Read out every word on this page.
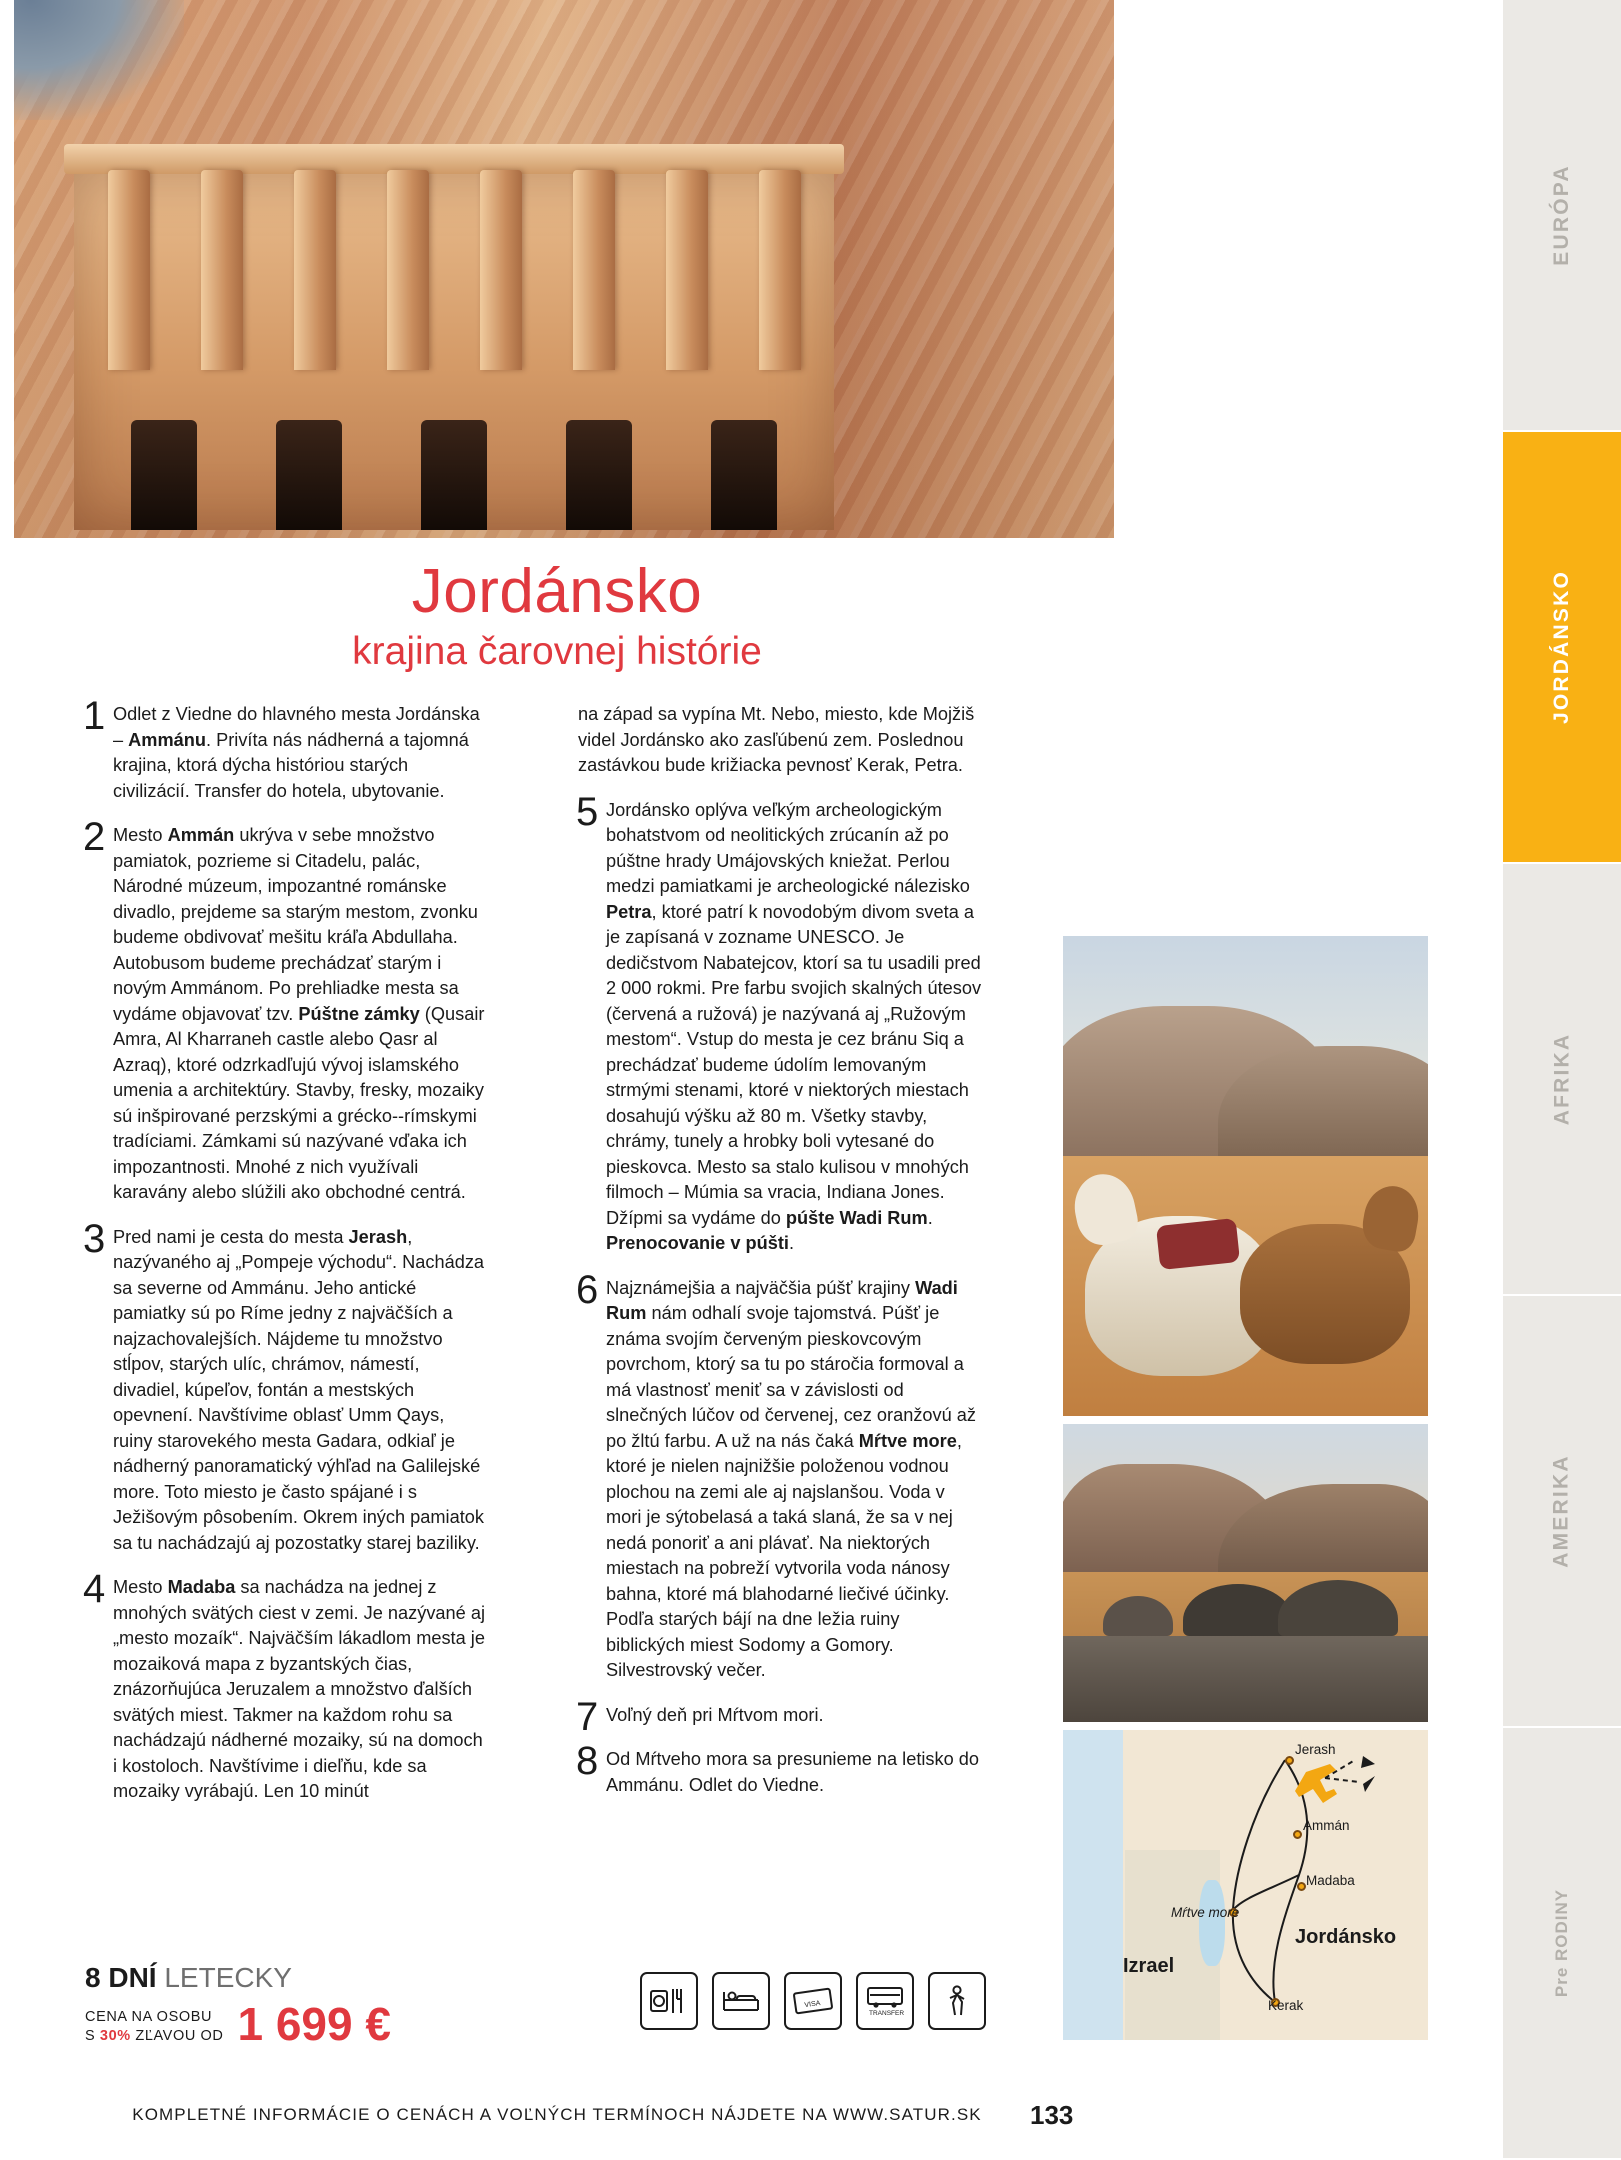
Jordánsko
krajina čarovnej histórie
1 Odlet z Viedne do hlavného mesta Jordánska – Ammánu. Privíta nás nádherná a tajomná krajina, ktorá dýcha históriou starých civilizácií. Transfer do hotela, ubytovanie.
2 Mesto Ammán ukrýva v sebe množstvo pamiatok, pozrieme si Citadelu, palác, Národné múzeum, impozantné románske divadlo, prejdeme sa starým mestom, zvonku budeme obdivovať mešitu kráľa Abdullaha. Autobusom budeme prechádzať starým i novým Ammánom. Po prehliadke mesta sa vydáme objavovať tzv. Púštne zámky (Qusair Amra, Al Kharraneh castle alebo Qasr al Azraq), ktoré odzrkadľujú vývoj islamského umenia a architektúry. Stavby, fresky, mozaiky sú inšpirované perzskými a grécko--rímskymi tradíciami. Zámkami sú nazývané vďaka ich impozantnosti. Mnohé z nich využívali karavány alebo slúžili ako obchodné centrá.
3 Pred nami je cesta do mesta Jerash, nazývaného aj „Pompeje východu“. Nachádza sa severne od Ammánu. Jeho antické pamiatky sú po Ríme jedny z najväčších a najzachovalejších. Nájdeme tu množstvo stĺpov, starých ulíc, chrámov, námestí, divadiel, kúpeľov, fontán a mestských opevnení. Navštívime oblasť Umm Qays, ruiny starovekého mesta Gadara, odkiaľ je nádherný panoramatický výhľad na Galilejské more. Toto miesto je často spájané i s Ježišovým pôsobením. Okrem iných pamiatok sa tu nachádzajú aj pozostatky starej baziliky.
4 Mesto Madaba sa nachádza na jednej z mnohých svätých ciest v zemi. Je nazývané aj „mesto mozaík“. Najväčším lákadlom mesta je mozaiková mapa z byzantských čias, znázorňujúca Jeruzalem a množstvo ďalších svätých miest. Takmer na každom rohu sa nachádzajú nádherné mozaiky, sú na domoch i kostoloch. Navštívime i dieľňu, kde sa mozaiky vyrábajú. Len 10 minút
na západ sa vypína Mt. Nebo, miesto, kde Mojžiš videl Jordánsko ako zasľúbenú zem. Poslednou zastávkou bude križiacka pevnosť Kerak, Petra.
5 Jordánsko oplýva veľkým archeologickým bohatstvom od neolitických zrúcanín až po púštne hrady Umájovských kniežat. Perlou medzi pamiatkami je archeologické nálezisko Petra, ktoré patrí k novodobým divom sveta a je zapísaná v zozname UNESCO. Je dedičstvom Nabatejcov, ktorí sa tu usadili pred 2 000 rokmi. Pre farbu svojich skalných útesov (červená a ružová) je nazývaná aj „Ružovým mestom“. Vstup do mesta je cez bránu Siq a prechádzať budeme údolím lemovaným strmými stenami, ktoré v niektorých miestach dosahujú výšku až 80 m. Všetky stavby, chrámy, tunely a hrobky boli vytesané do pieskovca. Mesto sa stalo kulisou v mnohých filmoch – Múmia sa vracia, Indiana Jones. Džípmi sa vydáme do púšte Wadi Rum. Prenocovanie v púšti.
6 Najznámejšia a najväčšia púšť krajiny Wadi Rum nám odhalí svoje tajomstvá. Púšť je známa svojím červeným pieskovcovým povrchom, ktorý sa tu po stáročia formoval a má vlastnosť meniť sa v závislosti od slnečných lúčov od červenej, cez oranžovú až po žltú farbu. A už na nás čaká Mŕtve more, ktoré je nielen najnižšie položenou vodnou plochou na zemi ale aj najslanšou. Voda v mori je sýtobelasá a taká slaná, že sa v nej nedá ponoriť a ani plávať. Na niektorých miestach na pobreží vytvorila voda nánosy bahna, ktoré má blahodarné liečivé účinky. Podľa starých bájí na dne ležia ruiny biblických miest Sodomy a Gomory. Silvestrovský večer.
7 Voľný deň pri Mŕtvom mori.
8 Od Mŕtveho mora sa presunieme na letisko do Ammánu. Odlet do Viedne.
Jerash
Ammán
Madaba
Mŕtve more
Jordánsko
Izrael
Kerak
8 DNÍ LETECKY
CENA NA OSOBU
S 30% ZĽAVOU OD 1 699 €	VISA
TRANSFER
KOMPLETNÉ INFORMÁCIE O CENÁCH A VOĽNÝCH TERMÍNOCH NÁJDETE NA WWW.SATUR.SK	133
EURÓPA
JORDÁNSKO
AFRIKA
AMERIKA
Pre RODINY
